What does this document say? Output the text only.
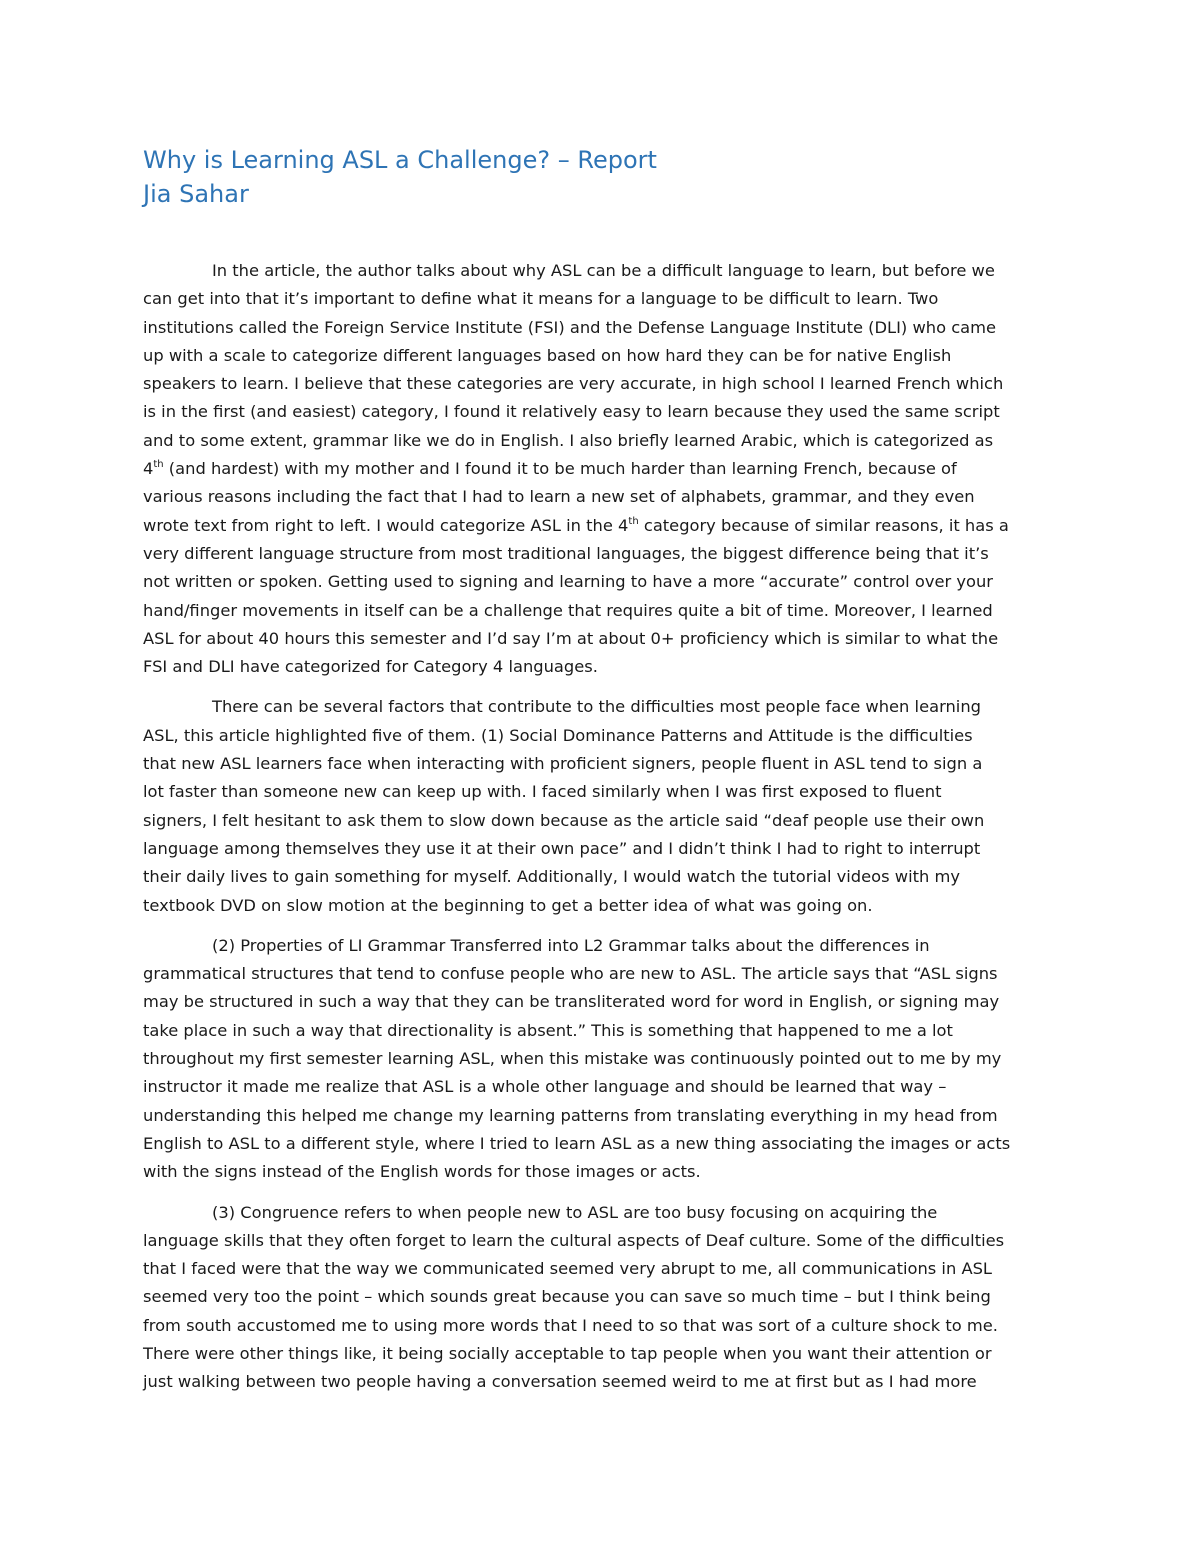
Why is Learning ASL a Challenge? – Report
Jia Sahar

In the article, the author talks about why ASL can be a difficult language to learn, but before we
can get into that it’s important to define what it means for a language to be difficult to learn. Two
institutions called the Foreign Service Institute (FSI) and the Defense Language Institute (DLI) who came
up with a scale to categorize different languages based on how hard they can be for native English
speakers to learn. I believe that these categories are very accurate, in high school I learned French which
is in the first (and easiest) category, I found it relatively easy to learn because they used the same script
and to some extent, grammar like we do in English. I also briefly learned Arabic, which is categorized as
4th (and hardest) with my mother and I found it to be much harder than learning French, because of
various reasons including the fact that I had to learn a new set of alphabets, grammar, and they even
wrote text from right to left. I would categorize ASL in the 4th category because of similar reasons, it has a
very different language structure from most traditional languages, the biggest difference being that it’s
not written or spoken. Getting used to signing and learning to have a more “accurate” control over your
hand/finger movements in itself can be a challenge that requires quite a bit of time. Moreover, I learned
ASL for about 40 hours this semester and I’d say I’m at about 0+ proficiency which is similar to what the
FSI and DLI have categorized for Category 4 languages.

There can be several factors that contribute to the difficulties most people face when learning
ASL, this article highlighted five of them. (1) Social Dominance Patterns and Attitude is the difficulties
that new ASL learners face when interacting with proficient signers, people fluent in ASL tend to sign a
lot faster than someone new can keep up with. I faced similarly when I was first exposed to fluent
signers, I felt hesitant to ask them to slow down because as the article said “deaf people use their own
language among themselves they use it at their own pace” and I didn’t think I had to right to interrupt
their daily lives to gain something for myself. Additionally, I would watch the tutorial videos with my
textbook DVD on slow motion at the beginning to get a better idea of what was going on.

(2) Properties of LI Grammar Transferred into L2 Grammar talks about the differences in
grammatical structures that tend to confuse people who are new to ASL. The article says that “ASL signs
may be structured in such a way that they can be transliterated word for word in English, or signing may
take place in such a way that directionality is absent.” This is something that happened to me a lot
throughout my first semester learning ASL, when this mistake was continuously pointed out to me by my
instructor it made me realize that ASL is a whole other language and should be learned that way –
understanding this helped me change my learning patterns from translating everything in my head from
English to ASL to a different style, where I tried to learn ASL as a new thing associating the images or acts
with the signs instead of the English words for those images or acts.

(3) Congruence refers to when people new to ASL are too busy focusing on acquiring the
language skills that they often forget to learn the cultural aspects of Deaf culture. Some of the difficulties
that I faced were that the way we communicated seemed very abrupt to me, all communications in ASL
seemed very too the point – which sounds great because you can save so much time – but I think being
from south accustomed me to using more words that I need to so that was sort of a culture shock to me.
There were other things like, it being socially acceptable to tap people when you want their attention or
just walking between two people having a conversation seemed weird to me at first but as I had more
